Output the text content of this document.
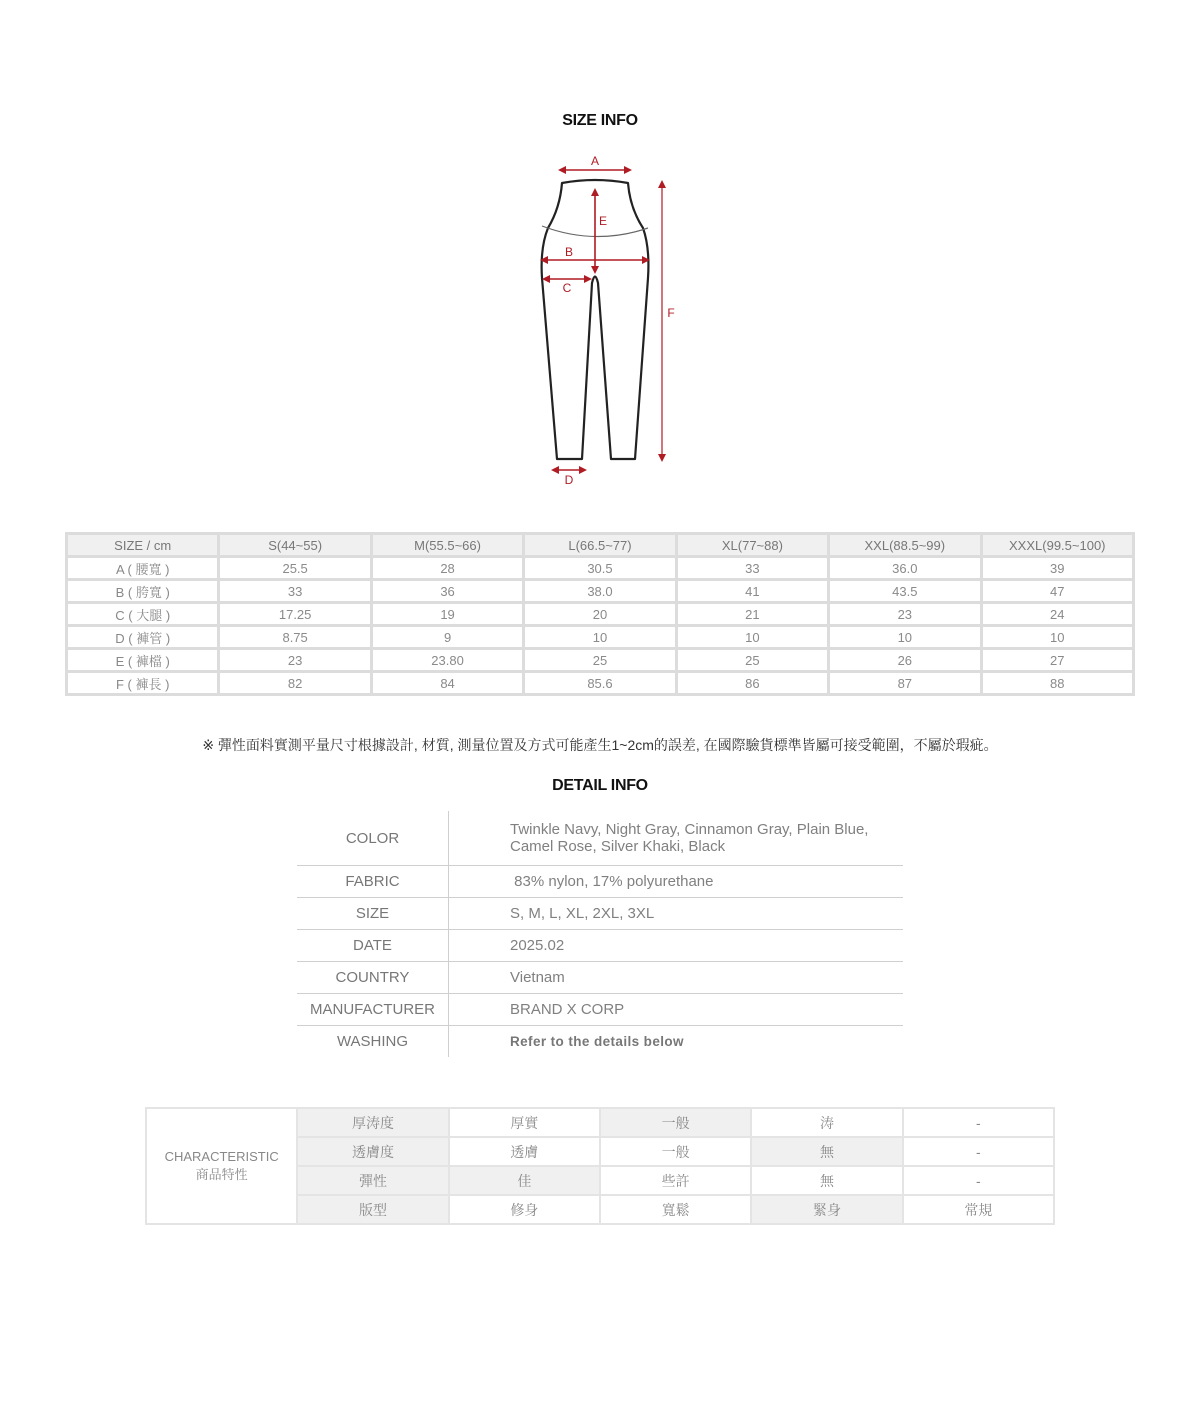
SIZE INFO
A
B
C
D
E
F
SIZE / cm	S(44~55)	M(55.5~66)	L(66.5~77)	XL(77~88)	XXL(88.5~99)	XXXL(99.5~100)
A ( 腰寬 )	25.5	28	30.5	33	36.0	39
B ( 胯寬 )	33	36	38.0	41	43.5	47
C ( 大腿 )	17.25	19	20	21	23	24
D ( 褲管 )	8.75	9	10	10	10	10
E ( 褲檔 )	23	23.80	25	25	26	27
F ( 褲長 )	82	84	85.6	86	87	88
※ 彈性面料實測平量尺寸根據設計, 材質, 測量位置及方式可能產生1~2cm的誤差, 在國際驗貨標準皆屬可接受範圍，不屬於瑕疵。
DETAIL INFO
COLOR	Twinkle Navy, Night Gray, Cinnamon Gray, Plain Blue,
Camel Rose, Silver Khaki, Black

FABRIC	83% nylon, 17% polyurethane
SIZE	S, M, L, XL, 2XL, 3XL
DATE	2025.02
COUNTRY	Vietnam
MANUFACTURER	BRAND X CORP
WASHING	Refer to the details below
CHARACTERISTIC
商品特性	厚涛度	厚實	一般	涛	-
	透膚度	透膚	一般	無	-
	彈性	佳	些許	無	-
	版型	修身	寬鬆	緊身	常規
